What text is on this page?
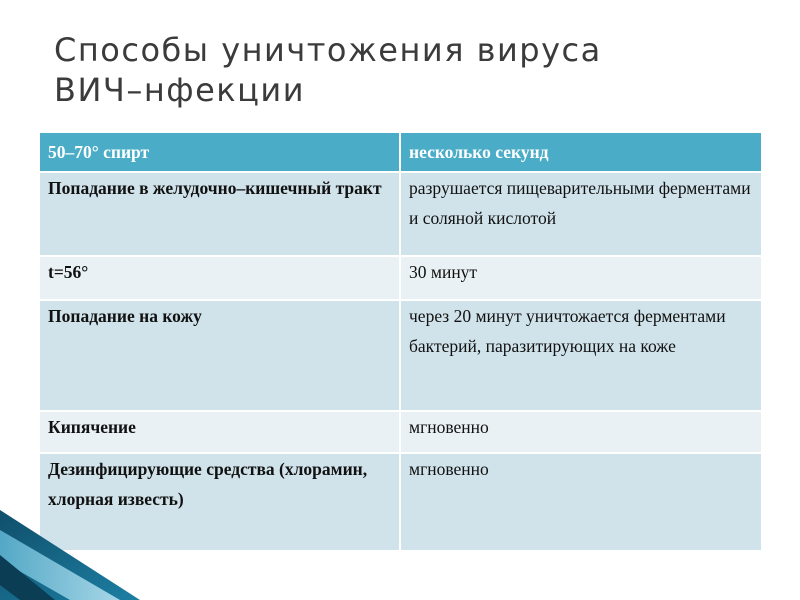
Способы уничтожения вируса
ВИЧ–нфекции
50–70° спирт	несколько секунд
Попадание в желудочно–кишечный тракт	разрушается пищеварительными ферментами и соляной кислотой
t=56°	30 минут
Попадание на кожу	через 20 минут уничтожается ферментами бактерий, паразитирующих на коже
Кипячение	мгновенно
Дезинфицирующие средства (хлорамин, хлорная известь)	мгновенно
